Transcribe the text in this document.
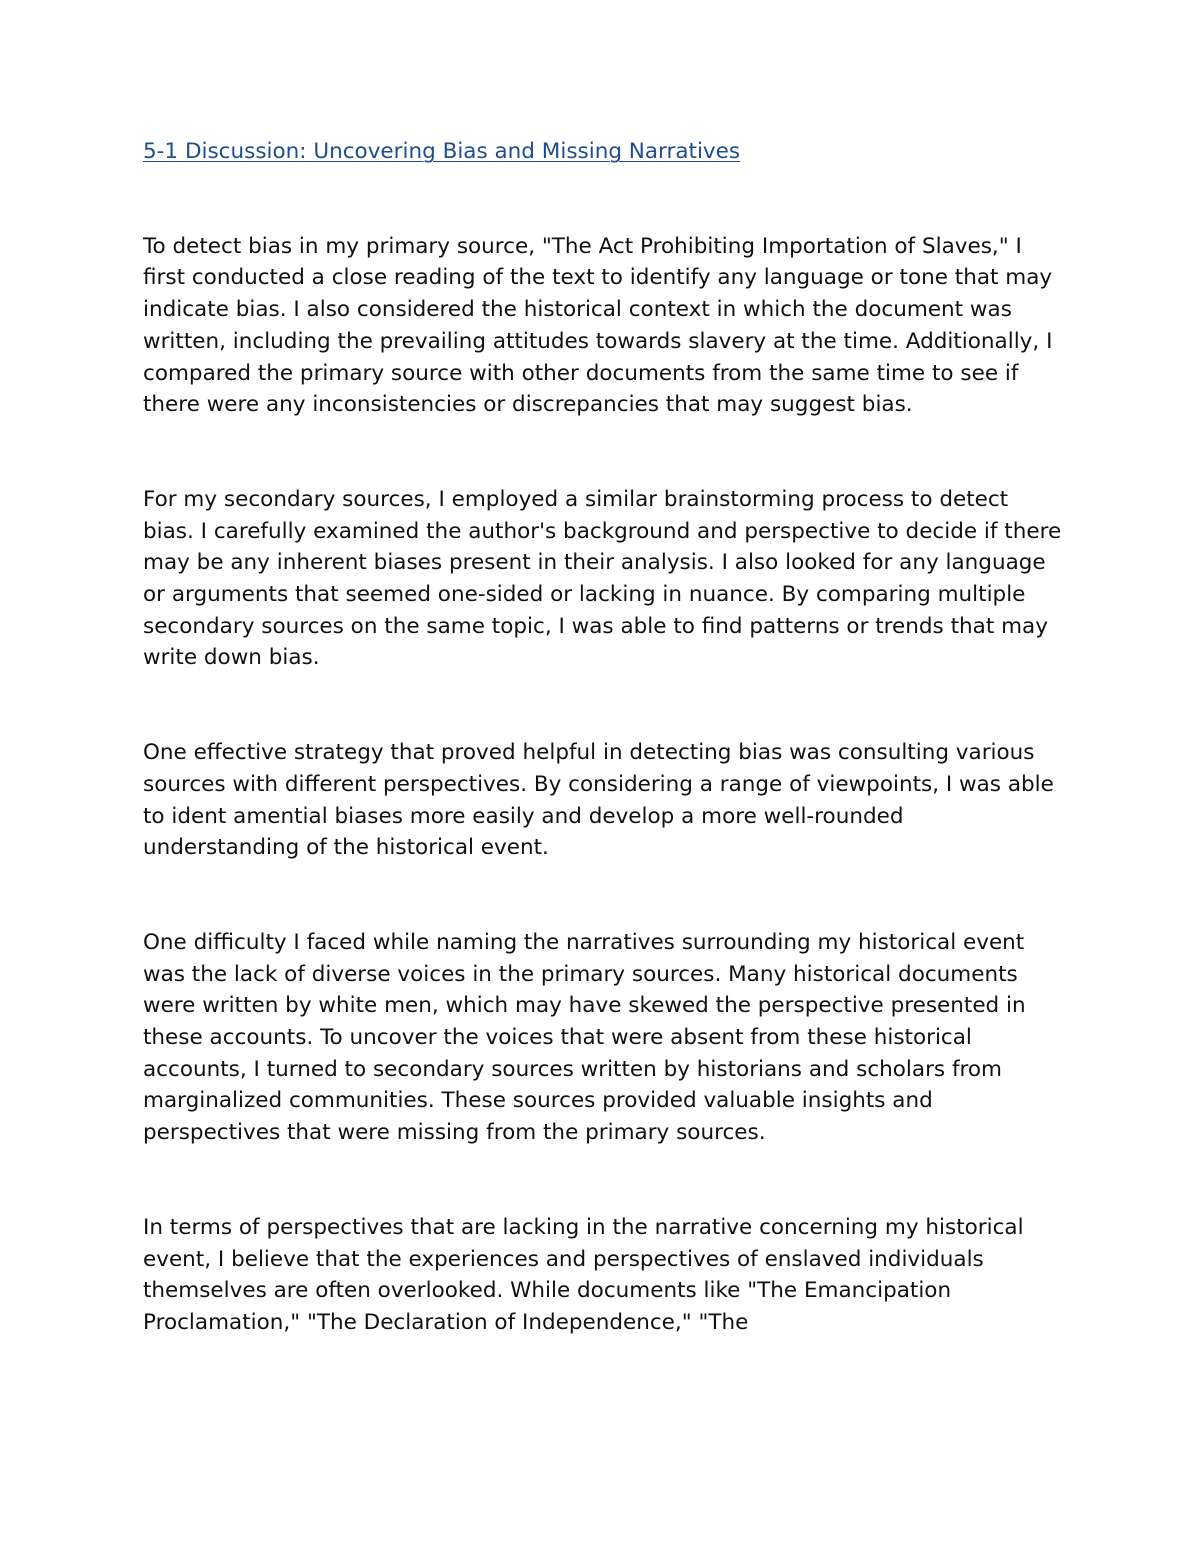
5-1 Discussion: Uncovering Bias and Missing Narratives

To detect bias in my primary source, "The Act Prohibiting Importation of Slaves," I first conducted a close reading of the text to identify any language or tone that may indicate bias. I also considered the historical context in which the document was written, including the prevailing attitudes towards slavery at the time. Additionally, I compared the primary source with other documents from the same time to see if there were any inconsistencies or discrepancies that may suggest bias.

For my secondary sources, I employed a similar brainstorming process to detect bias. I carefully examined the author's background and perspective to decide if there may be any inherent biases present in their analysis. I also looked for any language or arguments that seemed one-sided or lacking in nuance. By comparing multiple secondary sources on the same topic, I was able to find patterns or trends that may write down bias.

One effective strategy that proved helpful in detecting bias was consulting various sources with different perspectives. By considering a range of viewpoints, I was able to ident amential biases more easily and develop a more well-rounded understanding of the historical event.

One difficulty I faced while naming the narratives surrounding my historical event was the lack of diverse voices in the primary sources. Many historical documents were written by white men, which may have skewed the perspective presented in these accounts. To uncover the voices that were absent from these historical accounts, I turned to secondary sources written by historians and scholars from marginalized communities. These sources provided valuable insights and perspectives that were missing from the primary sources.

In terms of perspectives that are lacking in the narrative concerning my historical event, I believe that the experiences and perspectives of enslaved individuals themselves are often overlooked. While documents like "The Emancipation Proclamation," "The Declaration of Independence," "The
